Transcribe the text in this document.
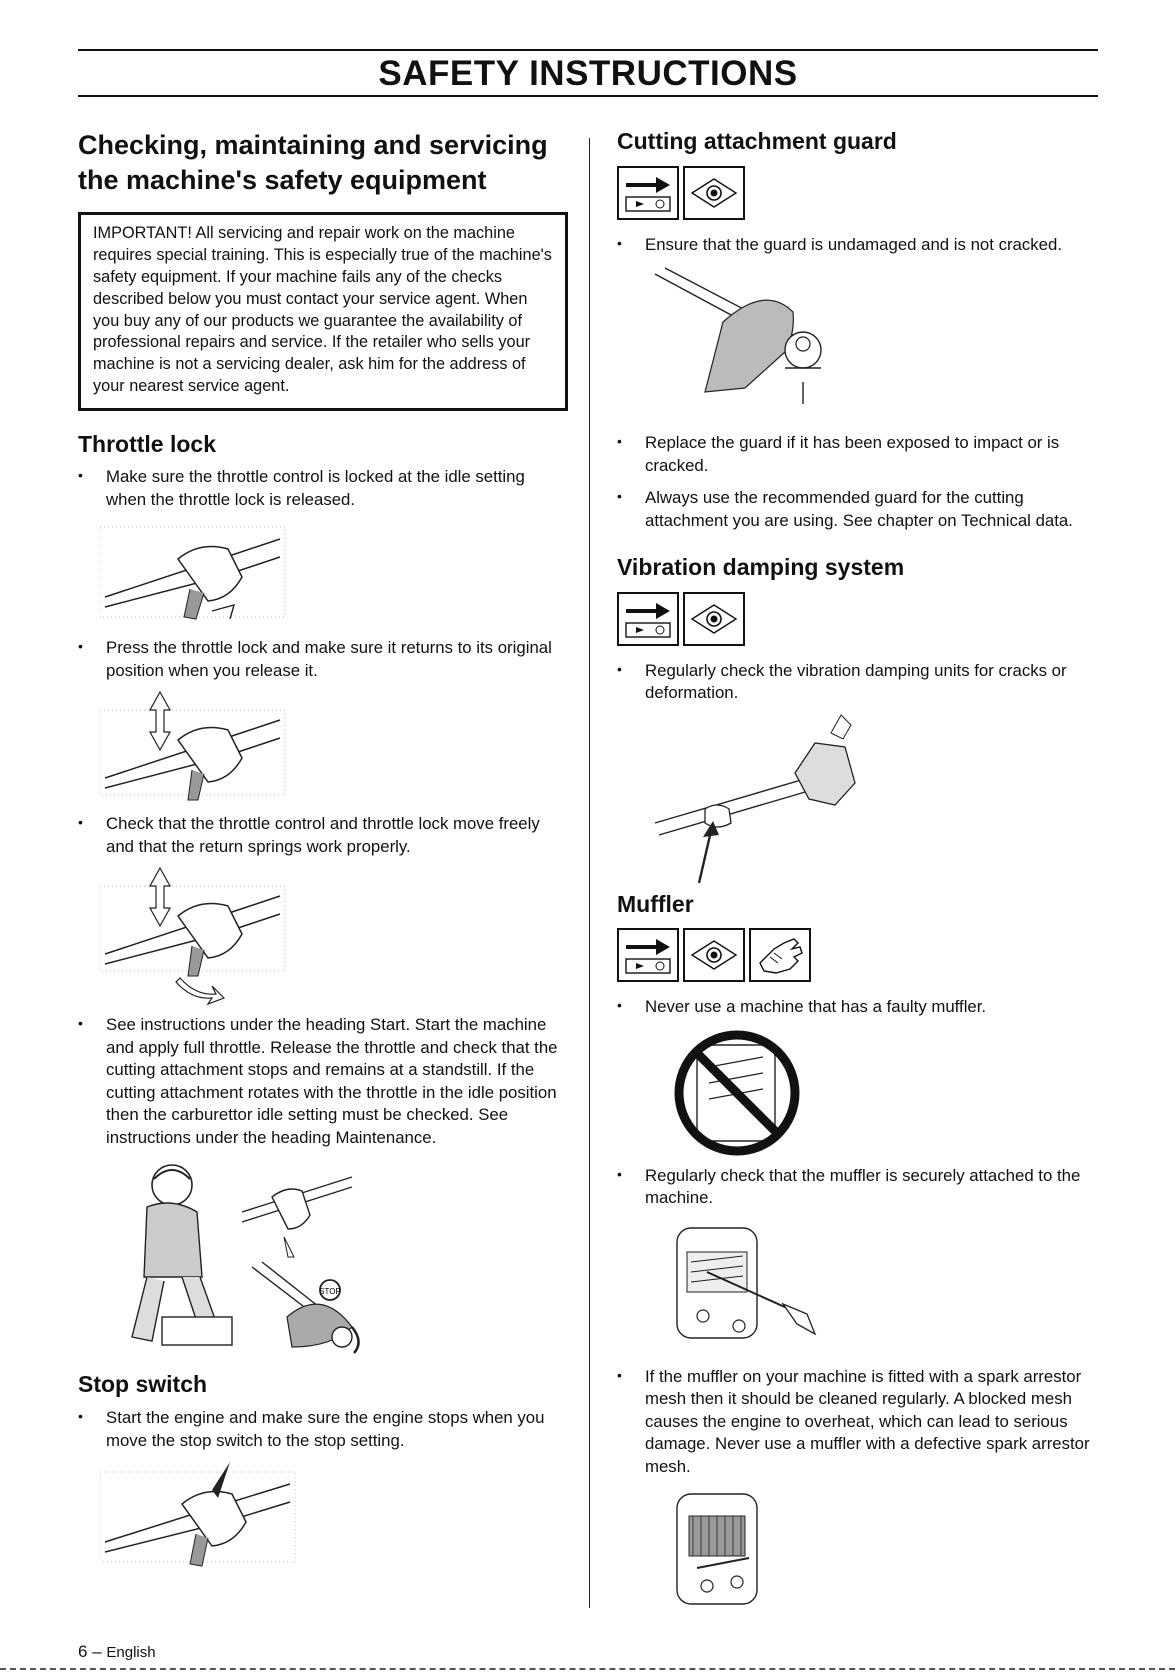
SAFETY INSTRUCTIONS
Checking, maintaining and servicing the machine's safety equipment
IMPORTANT! All servicing and repair work on the machine requires special training. This is especially true of the machine's safety equipment. If your machine fails any of the checks described below you must contact your service agent. When you buy any of our products we guarantee the availability of professional repairs and service. If the retailer who sells your machine is not a servicing dealer, ask him for the address of your nearest service agent.
Throttle lock

• Make sure the throttle control is locked at the idle setting when the throttle lock is released.

• Press the throttle lock and make sure it returns to its original position when you release it.

• Check that the throttle control and throttle lock move freely and that the return springs work properly.

• See instructions under the heading Start. Start the machine and apply full throttle. Release the throttle and check that the cutting attachment stops and remains at a standstill. If the cutting attachment rotates with the throttle in the idle position then the carburettor idle setting must be checked. See instructions under the heading Maintenance.

STOP
Stop switch

• Start the engine and make sure the engine stops when you move the stop switch to the stop setting.

Cutting attachment guard

• Ensure that the guard is undamaged and is not cracked.

• Replace the guard if it has been exposed to impact or is cracked.

• Always use the recommended guard for the cutting attachment you are using. See chapter on Technical data.

Vibration damping system

• Regularly check the vibration damping units for cracks or deformation.

Muffler

• Never use a machine that has a faulty muffler.

• Regularly check that the muffler is securely attached to the machine.

• If the muffler on your machine is fitted with a spark arrestor mesh then it should be cleaned regularly. A blocked mesh causes the engine to overheat, which can lead to serious damage. Never use a muffler with a defective spark arrestor mesh.

6 – English
